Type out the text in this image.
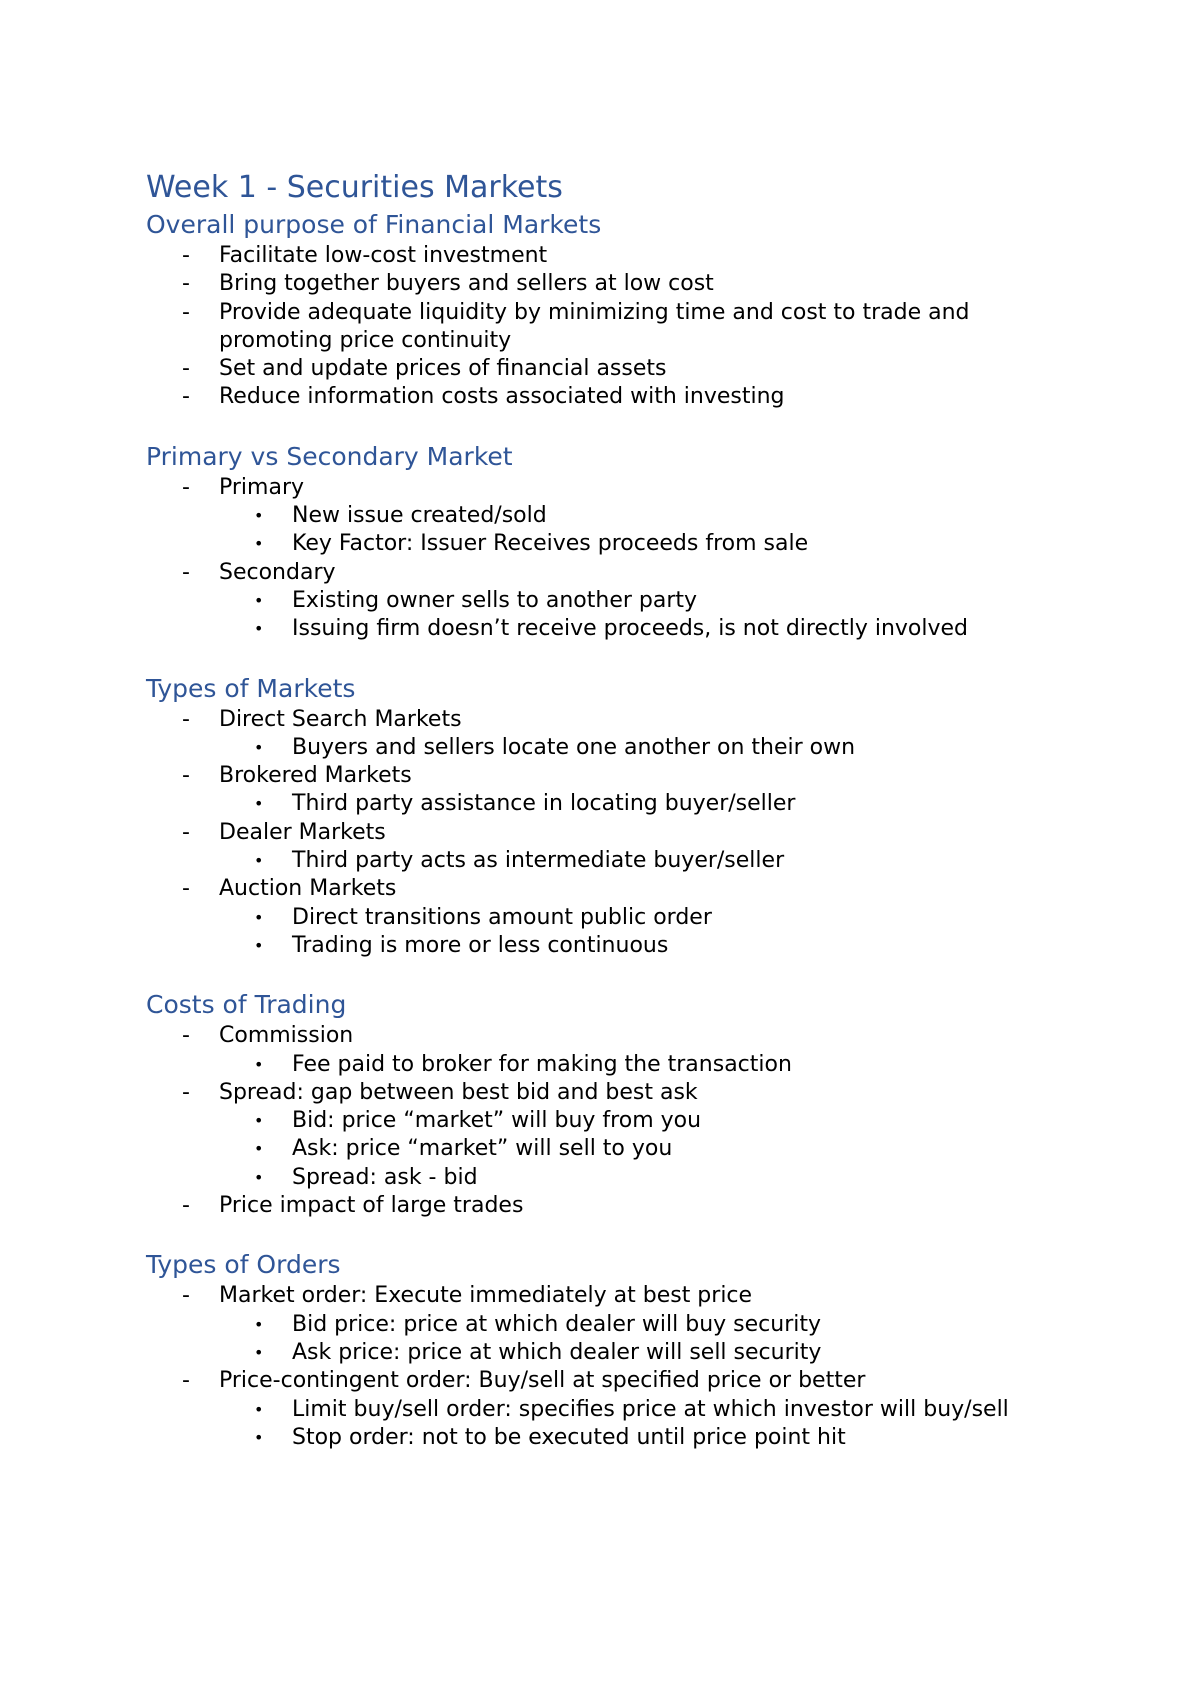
Week 1 - Securities Markets
Overall purpose of Financial Markets
-	Facilitate low-cost investment
-	Bring together buyers and sellers at low cost
-	Provide adequate liquidity by minimizing time and cost to trade and promoting price continuity
-	Set and update prices of financial assets
-	Reduce information costs associated with investing
Primary vs Secondary Market
-	Primary
•	New issue created/sold
•	Key Factor: Issuer Receives proceeds from sale
-	Secondary
•	Existing owner sells to another party
•	Issuing firm doesn’t receive proceeds, is not directly involved
Types of Markets
-	Direct Search Markets
•	Buyers and sellers locate one another on their own
-	Brokered Markets
•	Third party assistance in locating buyer/seller
-	Dealer Markets
•	Third party acts as intermediate buyer/seller
-	Auction Markets
•	Direct transitions amount public order
•	Trading is more or less continuous
Costs of Trading
-	Commission
•	Fee paid to broker for making the transaction
-	Spread: gap between best bid and best ask
•	Bid: price “market” will buy from you
•	Ask: price “market” will sell to you
•	Spread: ask - bid
-	Price impact of large trades
Types of Orders
-	Market order: Execute immediately at best price
•	Bid price: price at which dealer will buy security
•	Ask price: price at which dealer will sell security
-	Price-contingent order: Buy/sell at specified price or better
•	Limit buy/sell order: specifies price at which investor will buy/sell
•	Stop order: not to be executed until price point hit
